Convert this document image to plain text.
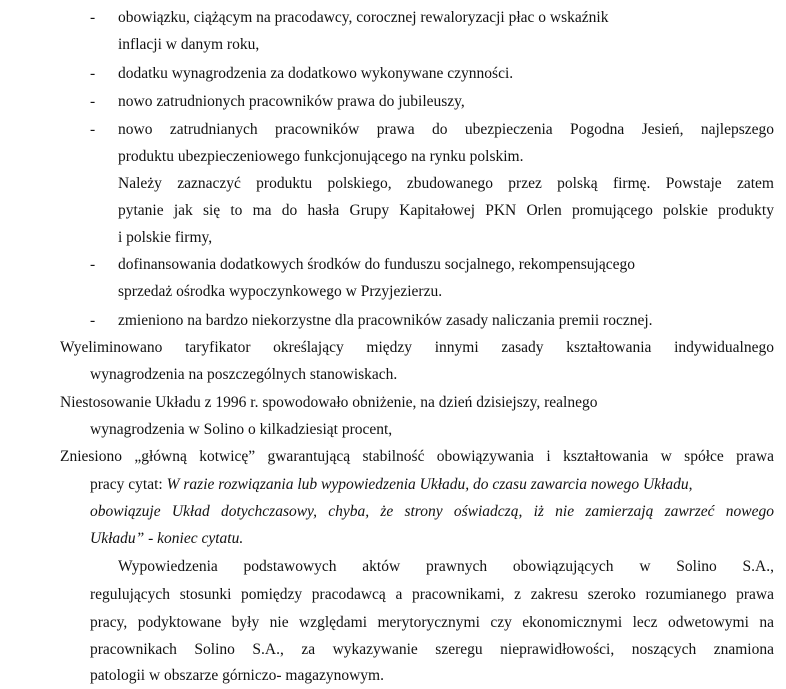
- obowiązku, ciążącym na pracodawcy, corocznej rewaloryzacji płac o wskaźnik
inflacji w danym roku,
- dodatku wynagrodzenia za dodatkowo wykonywane czynności.
- nowo zatrudnionych pracowników prawa do jubileuszy,
- nowo zatrudnianych pracowników prawa do ubezpieczenia Pogodna Jesień, najlepszego
produktu ubezpieczeniowego funkcjonującego na rynku polskim.
Należy zaznaczyć produktu polskiego, zbudowanego przez polską firmę. Powstaje zatem
pytanie jak się to ma do hasła Grupy Kapitałowej PKN Orlen promującego polskie produkty
i polskie firmy,
- dofinansowania dodatkowych środków do funduszu socjalnego, rekompensującego
sprzedaż ośrodka wypoczynkowego w Przyjezierzu.
- zmieniono na bardzo niekorzystne dla pracowników zasady naliczania premii rocznej.
Wyeliminowano taryfikator określający między innymi zasady kształtowania indywidualnego
wynagrodzenia na poszczególnych stanowiskach.
Niestosowanie Układu z 1996 r. spowodowało obniżenie, na dzień dzisiejszy, realnego
wynagrodzenia w Solino o kilkadziesiąt procent,
Zniesiono „główną kotwicę” gwarantującą stabilność obowiązywania i kształtowania w spółce prawa
pracy cytat: W razie rozwiązania lub wypowiedzenia Układu, do czasu zawarcia nowego Układu,
obowiązuje Układ dotychczasowy, chyba, że strony oświadczą, iż nie zamierzają zawrzeć nowego
Układu” - koniec cytatu.
Wypowiedzenia podstawowych aktów prawnych obowiązujących w Solino S.A.,
regulujących stosunki pomiędzy pracodawcą a pracownikami, z zakresu szeroko rozumianego prawa
pracy, podyktowane były nie względami merytorycznymi czy ekonomicznymi lecz odwetowymi na
pracownikach Solino S.A., za wykazywanie szeregu nieprawidłowości, noszących znamiona
patologii w obszarze górniczo- magazynowym.
